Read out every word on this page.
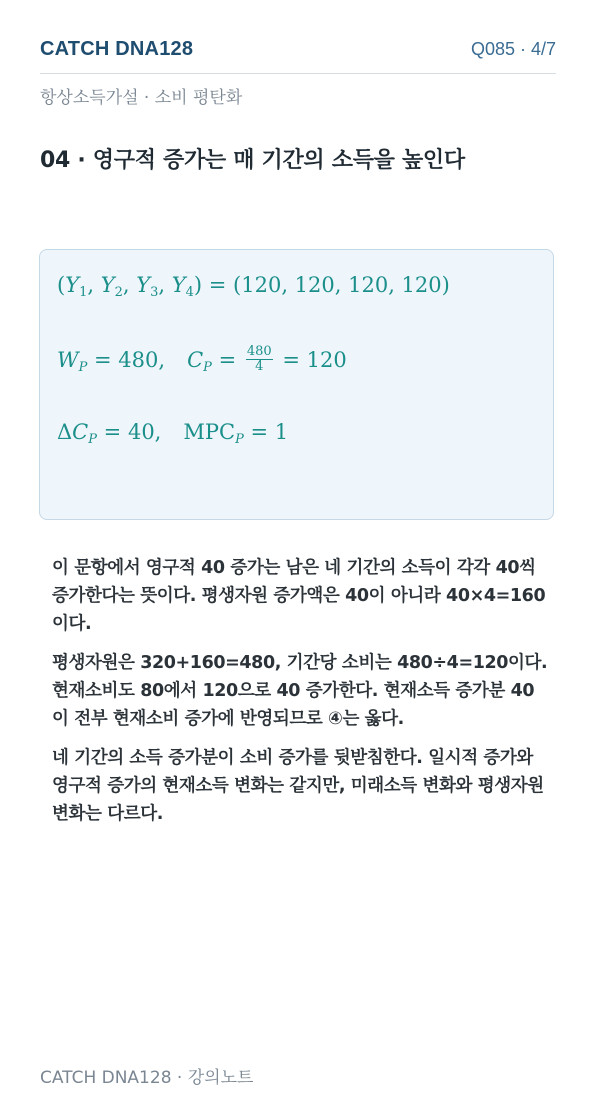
CATCH DNA128	Q085 · 4/7
항상소득가설 · 소비 평탄화
04 · 영구적 증가는 매 기간의 소득을 높인다
($Y_1$, $Y_2$, $Y_3$, $Y_4) = (120$, 120, 120, 120)
$W_P = 480$, $C_P = \frac{480}{4} = 120$
$\Delta C_P = 40$, $MPC_P = 1$

이 문항에서 영구적 40 증가는 남은 네 기간의 소득이 각각 40씩 증가한다는 뜻이다. 평생자원 증가액은 40이 아니라 40×4=160이다.

평생자원은 320+160=480, 기간당 소비는 480÷4=120이다. 현재소비도 80에서 120으로 40 증가한다. 현재소득 증가분 40이 전부 현재소비 증가에 반영되므로 ④는 옳다.

네 기간의 소득 증가분이 소비 증가를 뒷받침한다. 일시적 증가와 영구적 증가의 현재소득 변화는 같지만, 미래소득 변화와 평생자원 변화는 다르다.

CATCH DNA128 · 강의노트
